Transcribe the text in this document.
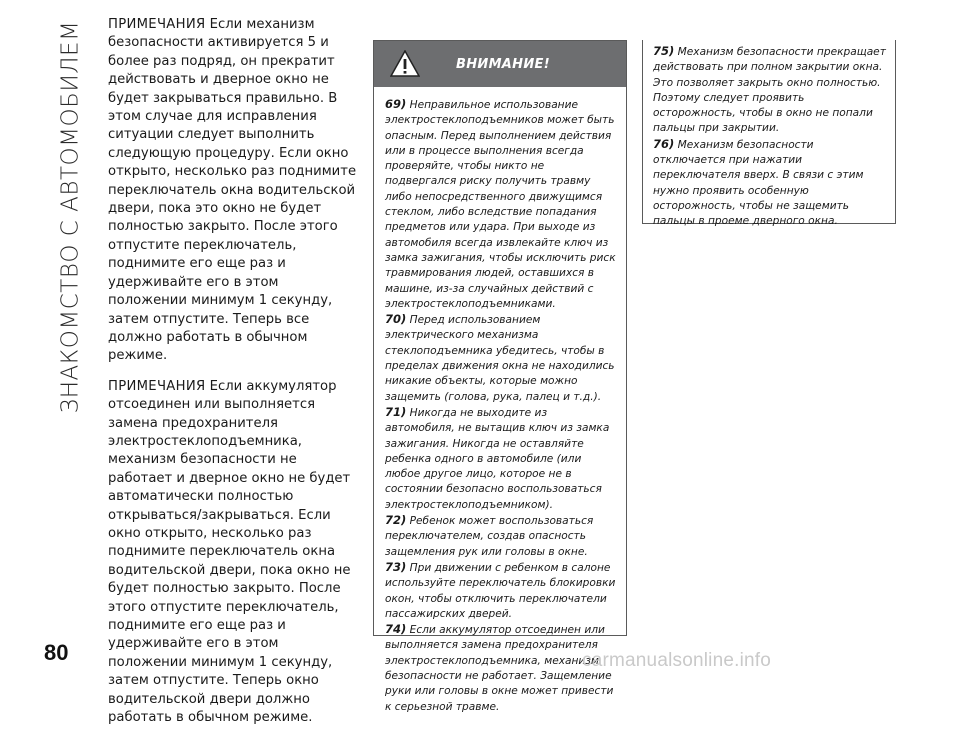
ЗНАКОМСТВО С АВТОМОБИЛЕМ ПРИМЕЧАНИЯ Если механизм безопасности активируется 5 и более раз подряд, он прекратит действовать и дверное окно не будет закрываться правильно. В этом случае для исправления ситуации следует выполнить следующую процедуру. Если окно открыто, несколько раз поднимите переключатель окна водительской двери, пока это окно не будет полностью закрыто. После этого отпустите переключатель, поднимите его еще раз и удерживайте его в этом положении минимум 1 секунду, затем отпустите. Теперь все должно работать в обычном режиме.

ПРИМЕЧАНИЯ Если аккумулятор отсоединен или выполняется замена предохранителя электростеклоподъемника, механизм безопасности не работает и дверное окно не будет автоматически полностью открываться/закрываться. Если окно открыто, несколько раз поднимите переключатель окна водительской двери, пока окно не будет полностью закрыто. После этого отпустите переключатель, поднимите его еще раз и удерживайте его в этом положении минимум 1 секунду, затем отпустите. Теперь окно водительской двери должно работать в обычном режиме.

ВНИМАНИЕ!

69) Неправильное использование электростеклоподъемников может быть опасным. Перед выполнением действия или в процессе выполнения всегда проверяйте, чтобы никто не подвергался риску получить травму либо непосредственного движущимся стеклом, либо вследствие попадания предметов или удара. При выходе из автомобиля всегда извлекайте ключ из замка зажигания, чтобы исключить риск травмирования людей, оставшихся в машине, из-за случайных действий с электростеклоподъемниками.

70) Перед использованием электрического механизма стеклоподъемника убедитесь, чтобы в пределах движения окна не находились никакие объекты, которые можно защемить (голова, рука, палец и т.д.).

71) Никогда не выходите из автомобиля, не вытащив ключ из замка зажигания. Никогда не оставляйте ребенка одного в автомобиле (или любое другое лицо, которое не в состоянии безопасно воспользоваться электростеклоподъемником).

72) Ребенок может воспользоваться переключателем, создав опасность защемления рук или головы в окне.

73) При движении с ребенком в салоне используйте переключатель блокировки окон, чтобы отключить переключатели пассажирских дверей.

74) Если аккумулятор отсоединен или выполняется замена предохранителя электростеклоподъемника, механизм безопасности не работает. Защемление руки или головы в окне может привести к серьезной травме.

75) Механизм безопасности прекращает действовать при полном закрытии окна. Это позволяет закрыть окно полностью. Поэтому следует проявить осторожность, чтобы в окно не попали пальцы при закрытии.

76) Механизм безопасности отключается при нажатии переключателя вверх. В связи с этим нужно проявить особенную осторожность, чтобы не защемить пальцы в проеме дверного окна.

80	carmanualsonline.info
